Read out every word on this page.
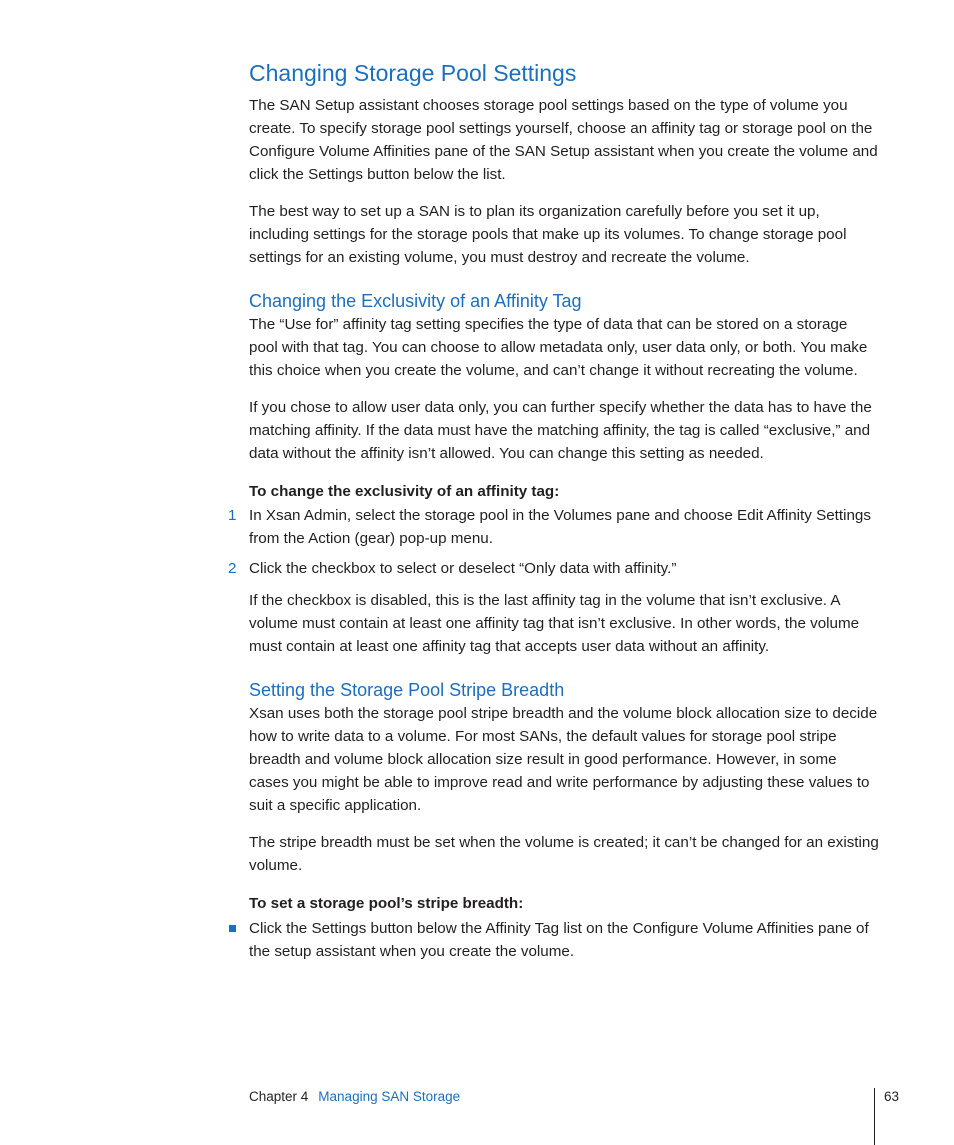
Changing Storage Pool Settings

The SAN Setup assistant chooses storage pool settings based on the type of volume you create. To specify storage pool settings yourself, choose an affinity tag or storage pool on the Configure Volume Affinities pane of the SAN Setup assistant when you create the volume and click the Settings button below the list.

The best way to set up a SAN is to plan its organization carefully before you set it up, including settings for the storage pools that make up its volumes. To change storage pool settings for an existing volume, you must destroy and recreate the volume.

Changing the Exclusivity of an Affinity Tag

The “Use for” affinity tag setting specifies the type of data that can be stored on a storage pool with that tag. You can choose to allow metadata only, user data only, or both. You make this choice when you create the volume, and can’t change it without recreating the volume.

If you chose to allow user data only, you can further specify whether the data has to have the matching affinity. If the data must have the matching affinity, the tag is called “exclusive,” and data without the affinity isn’t allowed. You can change this setting as needed.

To change the exclusivity of an affinity tag:

1 In Xsan Admin, select the storage pool in the Volumes pane and choose Edit Affinity Settings from the Action (gear) pop-up menu.

2 Click the checkbox to select or deselect “Only data with affinity.”

If the checkbox is disabled, this is the last affinity tag in the volume that isn’t exclusive. A volume must contain at least one affinity tag that isn’t exclusive. In other words, the volume must contain at least one affinity tag that accepts user data without an affinity.

Setting the Storage Pool Stripe Breadth

Xsan uses both the storage pool stripe breadth and the volume block allocation size to decide how to write data to a volume. For most SANs, the default values for storage pool stripe breadth and volume block allocation size result in good performance. However, in some cases you might be able to improve read and write performance by adjusting these values to suit a specific application.

The stripe breadth must be set when the volume is created; it can’t be changed for an existing volume.

To set a storage pool’s stripe breadth:

Click the Settings button below the Affinity Tag list on the Configure Volume Affinities pane of the setup assistant when you create the volume.

Chapter 4 Managing SAN Storage	63
